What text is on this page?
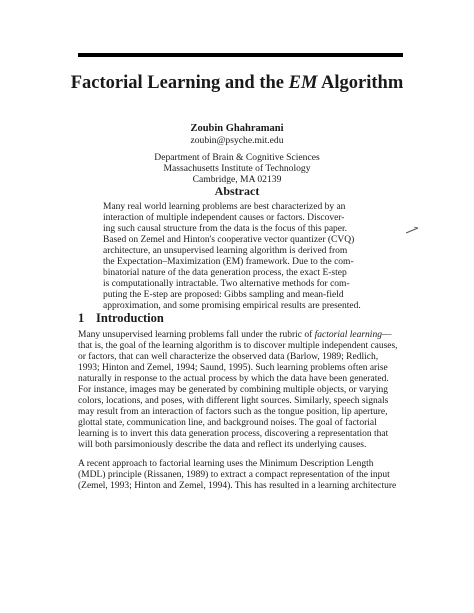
Factorial Learning and the EM Algorithm
Zoubin Ghahramani
zoubin@psyche.mit.edu
Department of Brain & Cognitive Sciences
Massachusetts Institute of Technology
Cambridge, MA 02139
Abstract
Many real world learning problems are best characterized by an
interaction of multiple independent causes or factors. Discover-
ing such causal structure from the data is the focus of this paper.
Based on Zemel and Hinton's cooperative vector quantizer (CVQ)
architecture, an unsupervised learning algorithm is derived from
the Expectation–Maximization (EM) framework. Due to the com-
binatorial nature of the data generation process, the exact E-step
is computationally intractable. Two alternative methods for com-
puting the E-step are proposed: Gibbs sampling and mean-field
approximation, and some promising empirical results are presented.
1 Introduction
Many unsupervised learning problems fall under the rubric of factorial learning—
that is, the goal of the learning algorithm is to discover multiple independent causes,
or factors, that can well characterize the observed data (Barlow, 1989; Redlich,
1993; Hinton and Zemel, 1994; Saund, 1995). Such learning problems often arise
naturally in response to the actual process by which the data have been generated.
For instance, images may be generated by combining multiple objects, or varying
colors, locations, and poses, with different light sources. Similarly, speech signals
may result from an interaction of factors such as the tongue position, lip aperture,
glottal state, communication line, and background noises. The goal of factorial
learning is to invert this data generation process, discovering a representation that
will both parsimoniously describe the data and reflect its underlying causes.
A recent approach to factorial learning uses the Minimum Description Length
(MDL) principle (Rissanen, 1989) to extract a compact representation of the input
(Zemel, 1993; Hinton and Zemel, 1994). This has resulted in a learning architecture
